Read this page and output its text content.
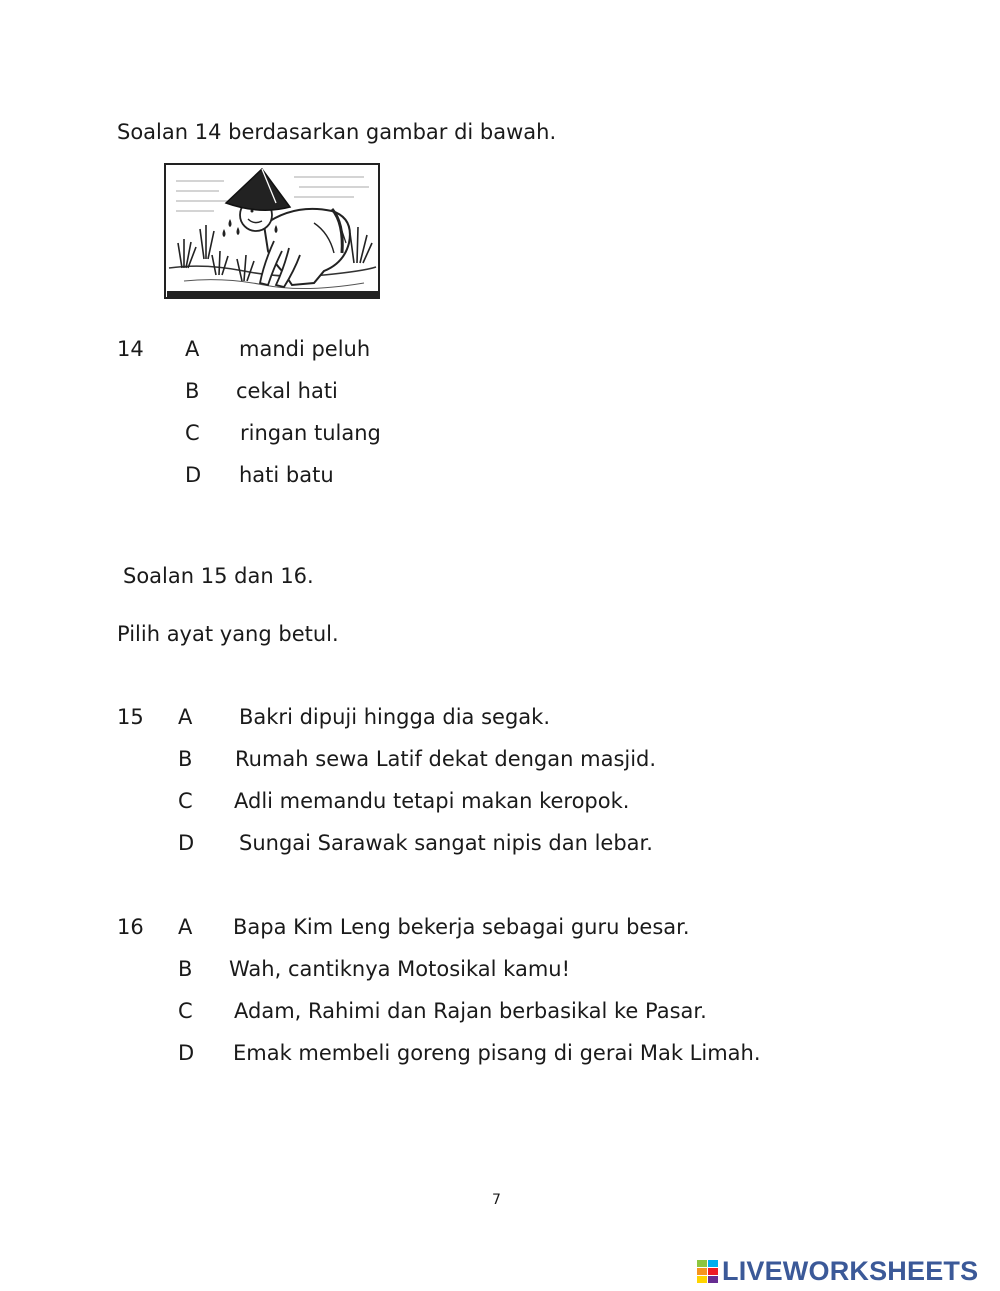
Soalan 14 berdasarkan gambar di bawah.
14 A mandi peluh
B cekal hati
C ringan tulang
D hati batu
Soalan 15 dan 16.
Pilih ayat yang betul.
15 A Bakri dipuji hingga dia segak.
B Rumah sewa Latif dekat dengan masjid.
C Adli memandu tetapi makan keropok.
D Sungai Sarawak sangat nipis dan lebar.
16 A Bapa Kim Leng bekerja sebagai guru besar.
B Wah, cantiknya Motosikal kamu!
C Adam, Rahimi dan Rajan berbasikal ke Pasar.
D Emak membeli goreng pisang di gerai Mak Limah.
7
LIVEWORKSHEETS
